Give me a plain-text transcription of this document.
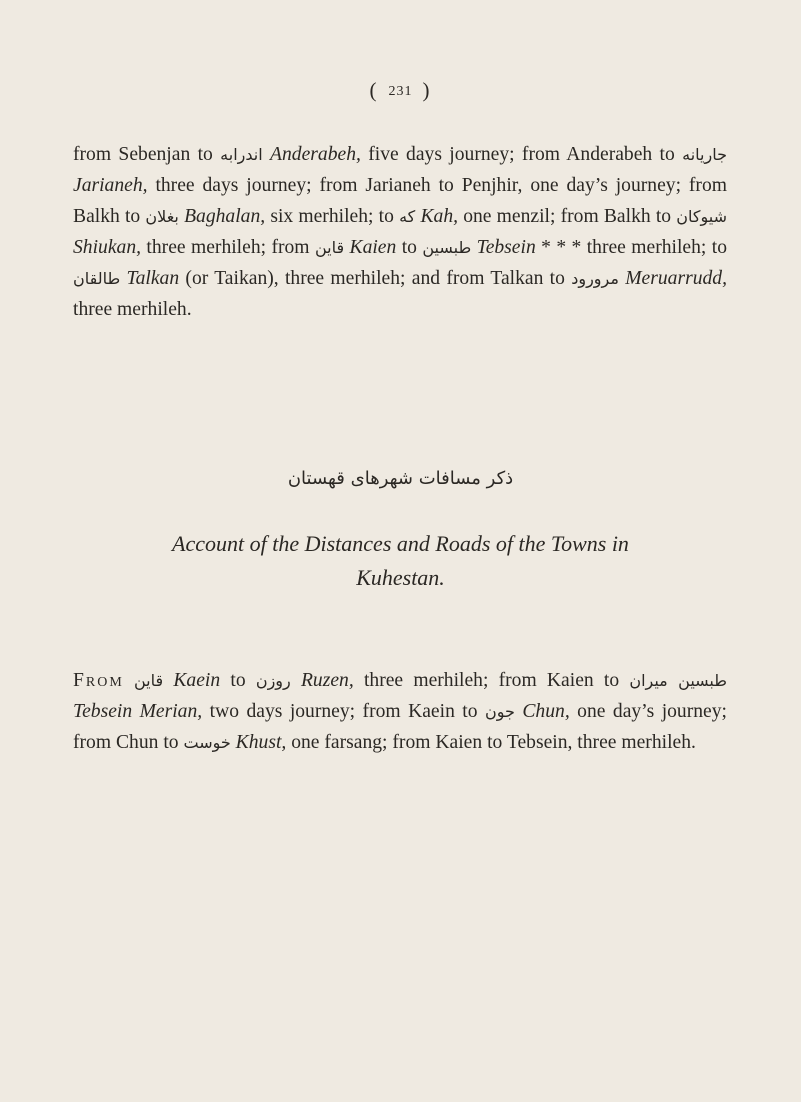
( 231 )

from Sebenjan to اندرابه Anderabeh, five days journey; from Anderabeh to جاريانه Jarianeh, three days journey; from Jarianeh to Penjhir, one day’s journey; from Balkh to بغلان Baghalan, six merhileh; to كه Kah, one menzil; from Balkh to شيوكان Shiukan, three merhileh; from قاين Kaien to طبسين Tebsein * * * three merhileh; to طالقان Talkan (or Taikan), three merhileh; and from Talkan to مرورود Meruarrudd, three merhileh.

ذكر مسافات شهرهاى قهستان
Account of the Distances and Roads of the Towns in
Kuhestan.

From قاين Kaein to روزن Ruzen, three merhileh; from Kaien to طبسين ميران Tebsein Merian, two days journey; from Kaein to جون Chun, one day’s journey; from Chun to خوست Khust, one farsang; from Kaien to Tebsein, three merhileh.
